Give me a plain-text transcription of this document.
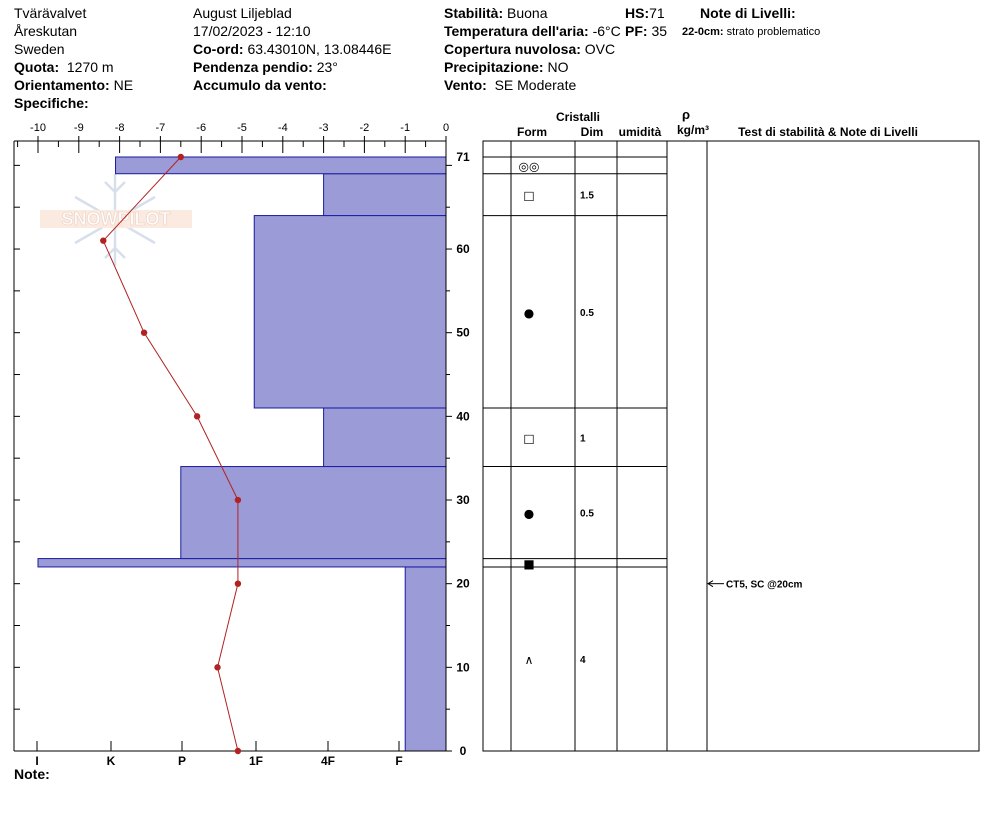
Tvärävalvet
Åreskutan
Sweden
Quota: 1270 m
Orientamento: NE
Specifiche:
August Liljeblad
17/02/2023 - 12:10
Co-ord: 63.43010N, 13.08446E
Pendenza pendio: 23°
Accumulo da vento:
Stabilità: Buona
Temperatura dell'aria: -6°C
Copertura nuvolosa: OVC
Precipitazione: NO
Vento: SE Moderate
HS:71
PF: 35
Note di Livelli:
22-0cm: strato problematico
SNOWPILOT
-10	-9	-8	-7	-6	-5	-4	-3	-2	-1	0
I	K	P	1F	4F	F
0
10
20
30
40
50
60
71
Cristalli
Form	Dim umidità
ρ
kg/m³ Test di stabilità & Note di Livelli
◎◎
□	1.5
●	0.5
□	1
●	0.5
■
∧	4
CT5, SC @20cm
Note:
